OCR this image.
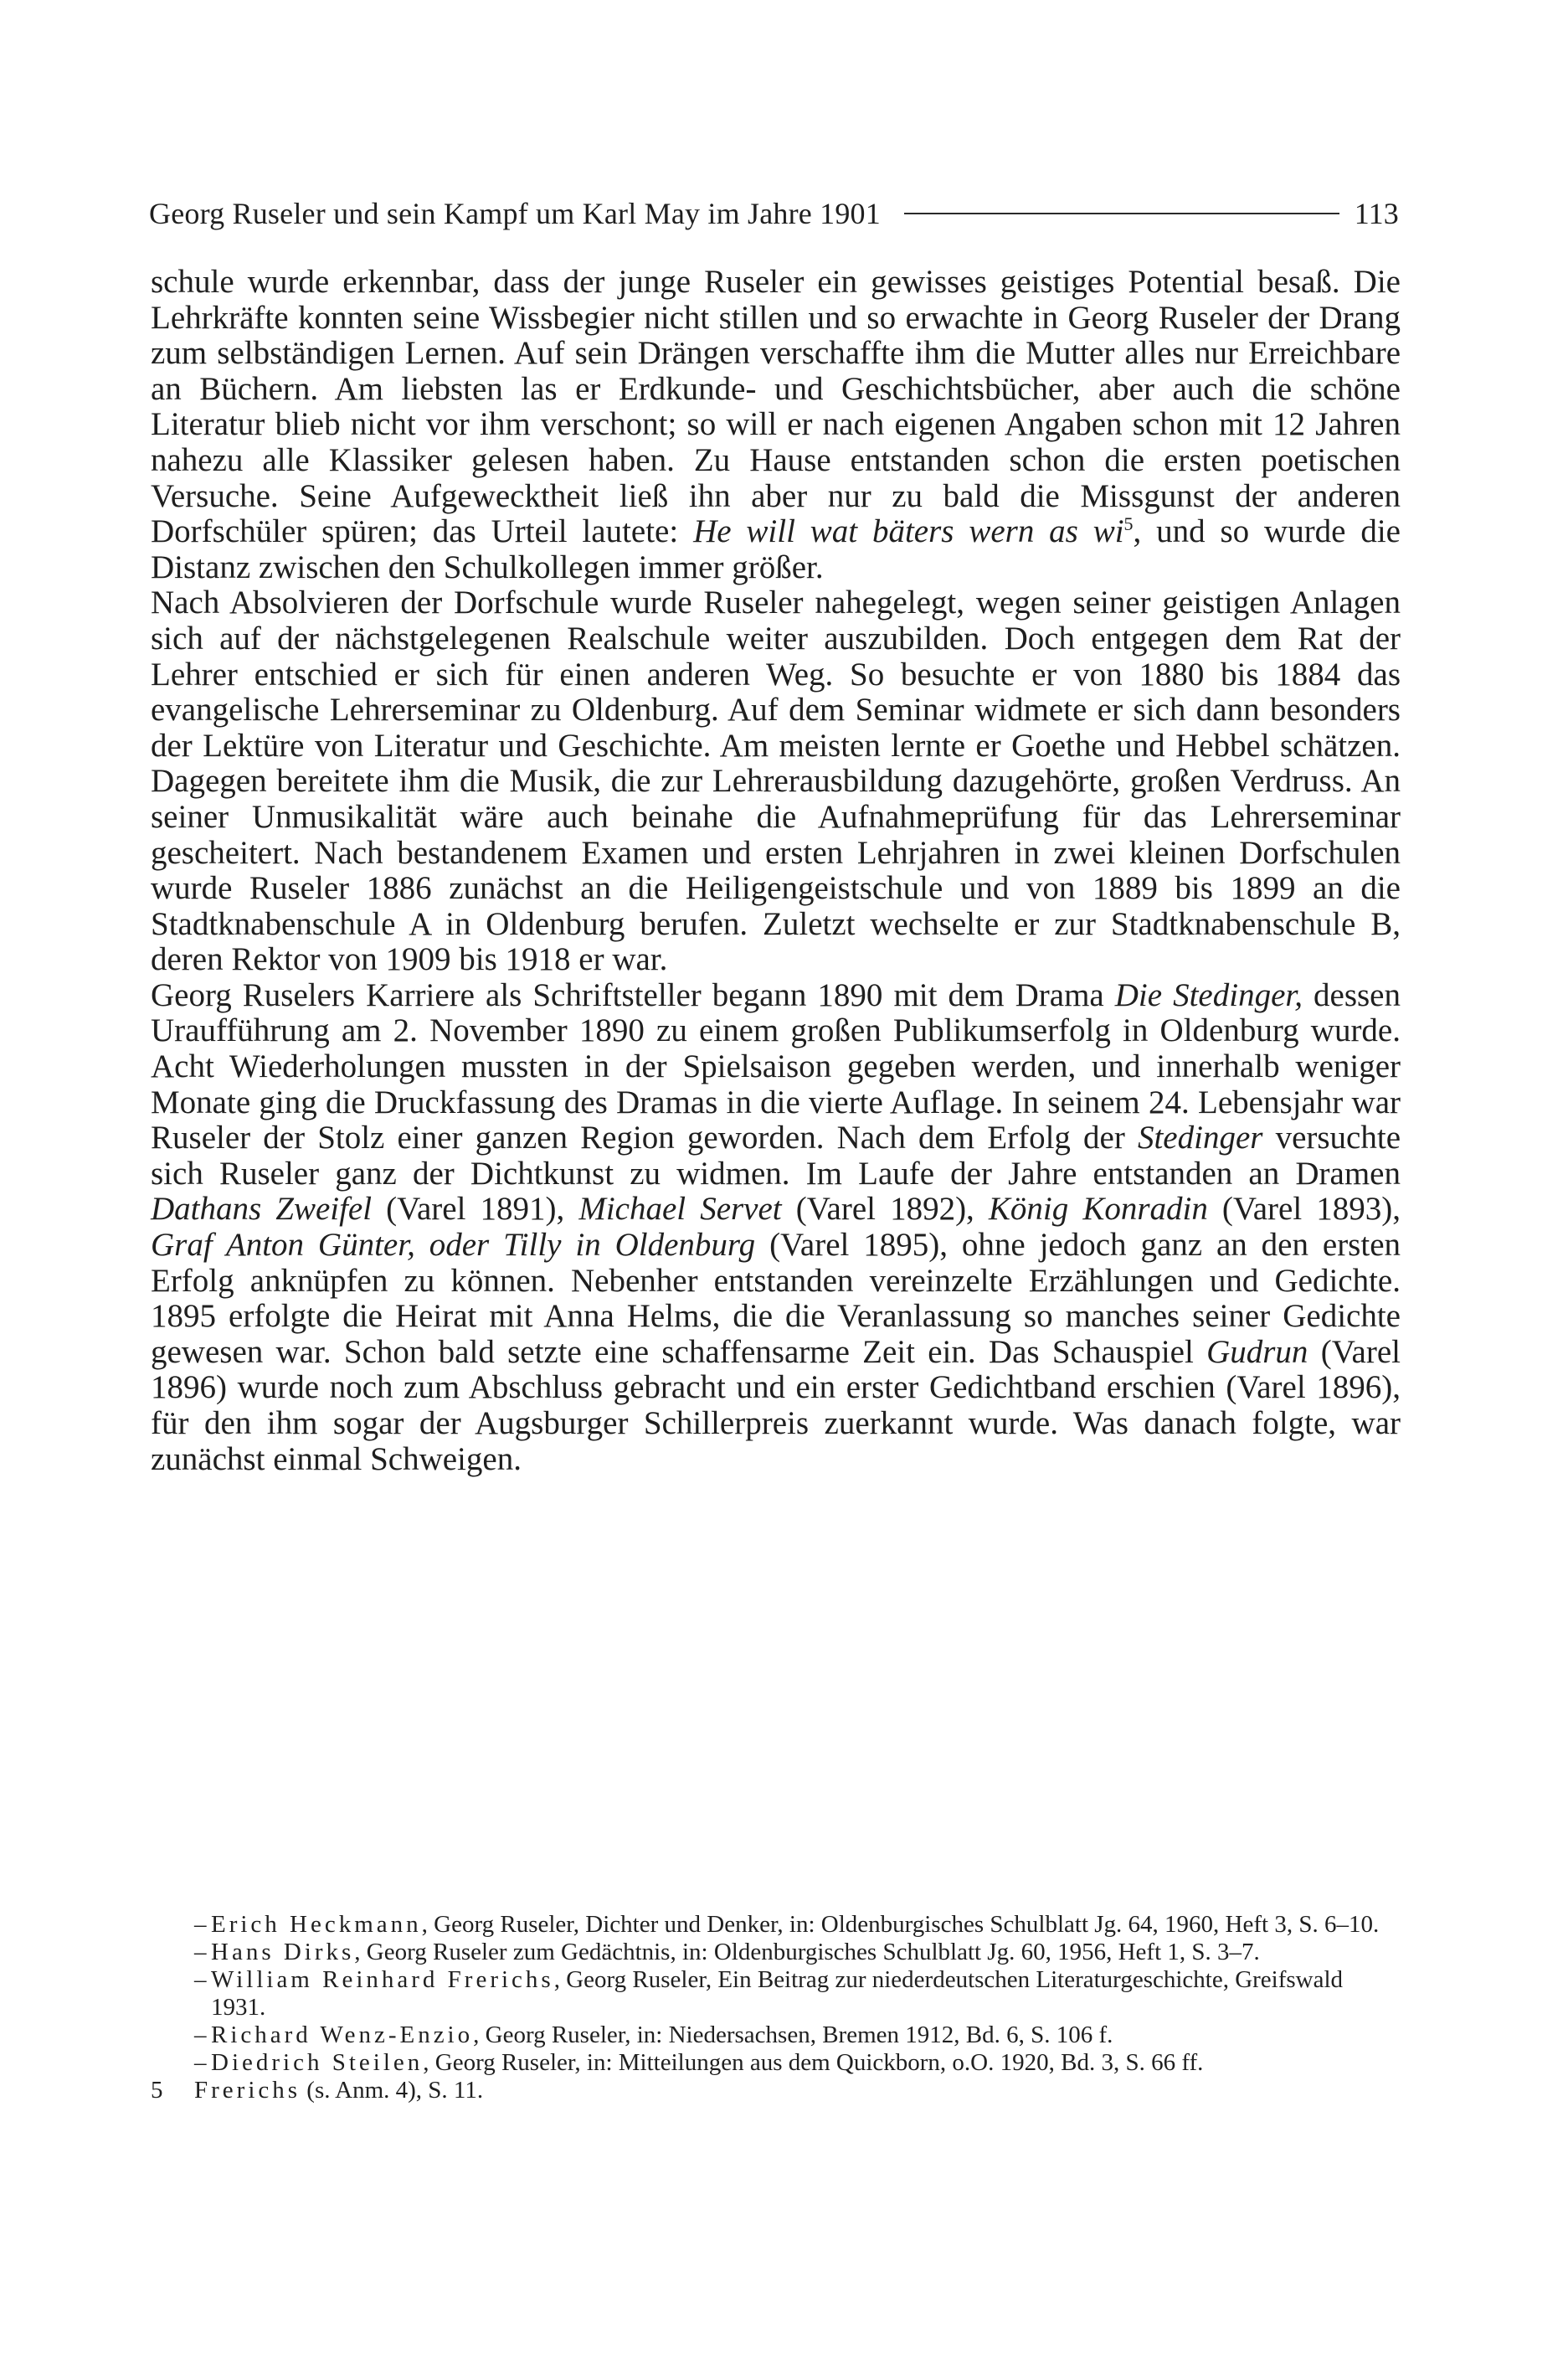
Georg Ruseler und sein Kampf um Karl May im Jahre 1901	113

schule wurde erkennbar, dass der junge Ruseler ein gewisses geistiges Potential besaß. Die Lehrkräfte konnten seine Wissbegier nicht stillen und so erwachte in Georg Ruseler der Drang zum selbständigen Lernen. Auf sein Drängen verschaffte ihm die Mutter alles nur Erreichbare an Büchern. Am liebsten las er Erdkunde- und Geschichtsbücher, aber auch die schöne Literatur blieb nicht vor ihm verschont; so will er nach eigenen Angaben schon mit 12 Jahren nahezu alle Klassiker gelesen haben. Zu Hause entstanden schon die ersten poetischen Versuche. Seine Aufgewecktheit ließ ihn aber nur zu bald die Missgunst der anderen Dorfschüler spüren; das Urteil lautete: He will wat bäters wern as $wi^5$, und so wurde die Distanz zwischen den Schulkollegen immer größer.

Nach Absolvieren der Dorfschule wurde Ruseler nahegelegt, wegen seiner geistigen Anlagen sich auf der nächstgelegenen Realschule weiter auszubilden. Doch entgegen dem Rat der Lehrer entschied er sich für einen anderen Weg. So besuchte er von 1880 bis 1884 das evangelische Lehrerseminar zu Oldenburg. Auf dem Seminar widmete er sich dann besonders der Lektüre von Literatur und Geschichte. Am meisten lernte er Goethe und Hebbel schätzen. Dagegen bereitete ihm die Musik, die zur Lehrerausbildung dazugehörte, großen Verdruss. An seiner Unmusikalität wäre auch beinahe die Aufnahmeprüfung für das Lehrerseminar gescheitert. Nach bestandenem Examen und ersten Lehrjahren in zwei kleinen Dorfschulen wurde Ruseler 1886 zunächst an die Heiligengeistschule und von 1889 bis 1899 an die Stadtknabenschule A in Oldenburg berufen. Zuletzt wechselte er zur Stadtknabenschule B, deren Rektor von 1909 bis 1918 er war.

Georg Ruselers Karriere als Schriftsteller begann 1890 mit dem Drama Die Stedinger, dessen Uraufführung am 2. November 1890 zu einem großen Publikumserfolg in Oldenburg wurde. Acht Wiederholungen mussten in der Spielsaison gegeben werden, und innerhalb weniger Monate ging die Druckfassung des Dramas in die vierte Auflage. In seinem 24. Lebensjahr war Ruseler der Stolz einer ganzen Region geworden. Nach dem Erfolg der Stedinger versuchte sich Ruseler ganz der Dichtkunst zu widmen. Im Laufe der Jahre entstanden an Dramen Dathans Zweifel (Varel 1891), Michael Servet (Varel 1892), König Konradin (Varel 1893), Graf Anton Günter, oder Tilly in Oldenburg (Varel 1895), ohne jedoch ganz an den ersten Erfolg anknüpfen zu können. Nebenher entstanden vereinzelte Erzählungen und Gedichte. 1895 erfolgte die Heirat mit Anna Helms, die die Veranlassung so manches seiner Gedichte gewesen war. Schon bald setzte eine schaffensarme Zeit ein. Das Schauspiel Gudrun (Varel 1896) wurde noch zum Abschluss gebracht und ein erster Gedichtband erschien (Varel 1896), für den ihm sogar der Augsburger Schillerpreis zuerkannt wurde. Was danach folgte, war zunächst einmal Schweigen.

– Erich Heckmann, Georg Ruseler, Dichter und Denker, in: Oldenburgisches Schulblatt Jg. 64, 1960, Heft 3, S. 6–10.
– Hans Dirks, Georg Ruseler zum Gedächtnis, in: Oldenburgisches Schulblatt Jg. 60, 1956, Heft 1, S. 3–7.
– William Reinhard Frerichs, Georg Ruseler, Ein Beitrag zur niederdeutschen Literaturgeschichte, Greifswald 1931.
– Richard Wenz-Enzio, Georg Ruseler, in: Niedersachsen, Bremen 1912, Bd. 6, S. 106 f.
– Diedrich Steilen, Georg Ruseler, in: Mitteilungen aus dem Quickborn, o.O. 1920, Bd. 3, S. 66 ff.
5	Frerichs (s. Anm. 4), S. 11.
